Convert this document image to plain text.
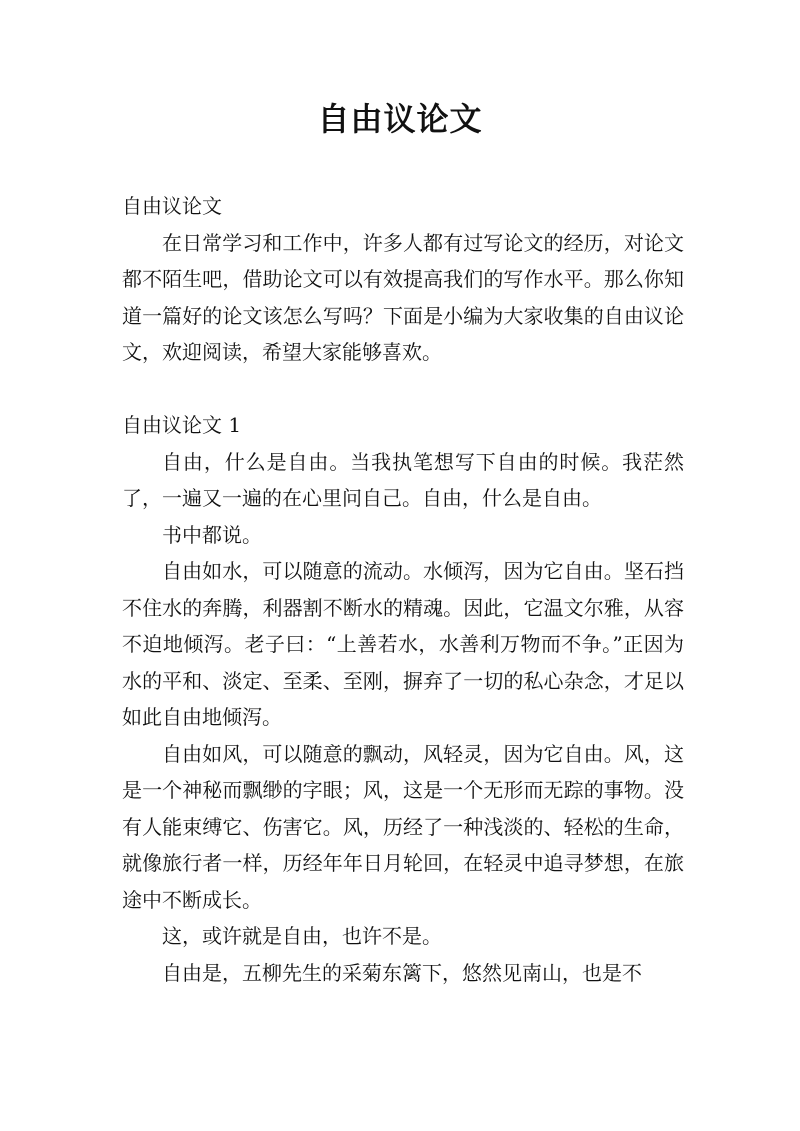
自由议论文

自由议论文

在日常学习和工作中，许多人都有过写论文的经历，对论文都不陌生吧，借助论文可以有效提高我们的写作水平。那么你知道一篇好的论文该怎么写吗？下面是小编为大家收集的自由议论文，欢迎阅读，希望大家能够喜欢。

自由议论文 1

自由，什么是自由。当我执笔想写下自由的时候。我茫然了，一遍又一遍的在心里问自己。自由，什么是自由。

书中都说。

自由如水，可以随意的流动。水倾泻，因为它自由。坚石挡不住水的奔腾，利器割不断水的精魂。因此，它温文尔雅，从容不迫地倾泻。老子曰：“上善若水，水善利万物而不争。”正因为水的平和、淡定、至柔、至刚，摒弃了一切的私心杂念，才足以如此自由地倾泻。

自由如风，可以随意的飘动，风轻灵，因为它自由。风，这是一个神秘而飘缈的字眼；风，这是一个无形而无踪的事物。没有人能束缚它、伤害它。风，历经了一种浅淡的、轻松的生命，就像旅行者一样，历经年年日月轮回，在轻灵中追寻梦想，在旅途中不断成长。

这，或许就是自由，也许不是。

自由是，五柳先生的采菊东篱下，悠然见南山，也是不
